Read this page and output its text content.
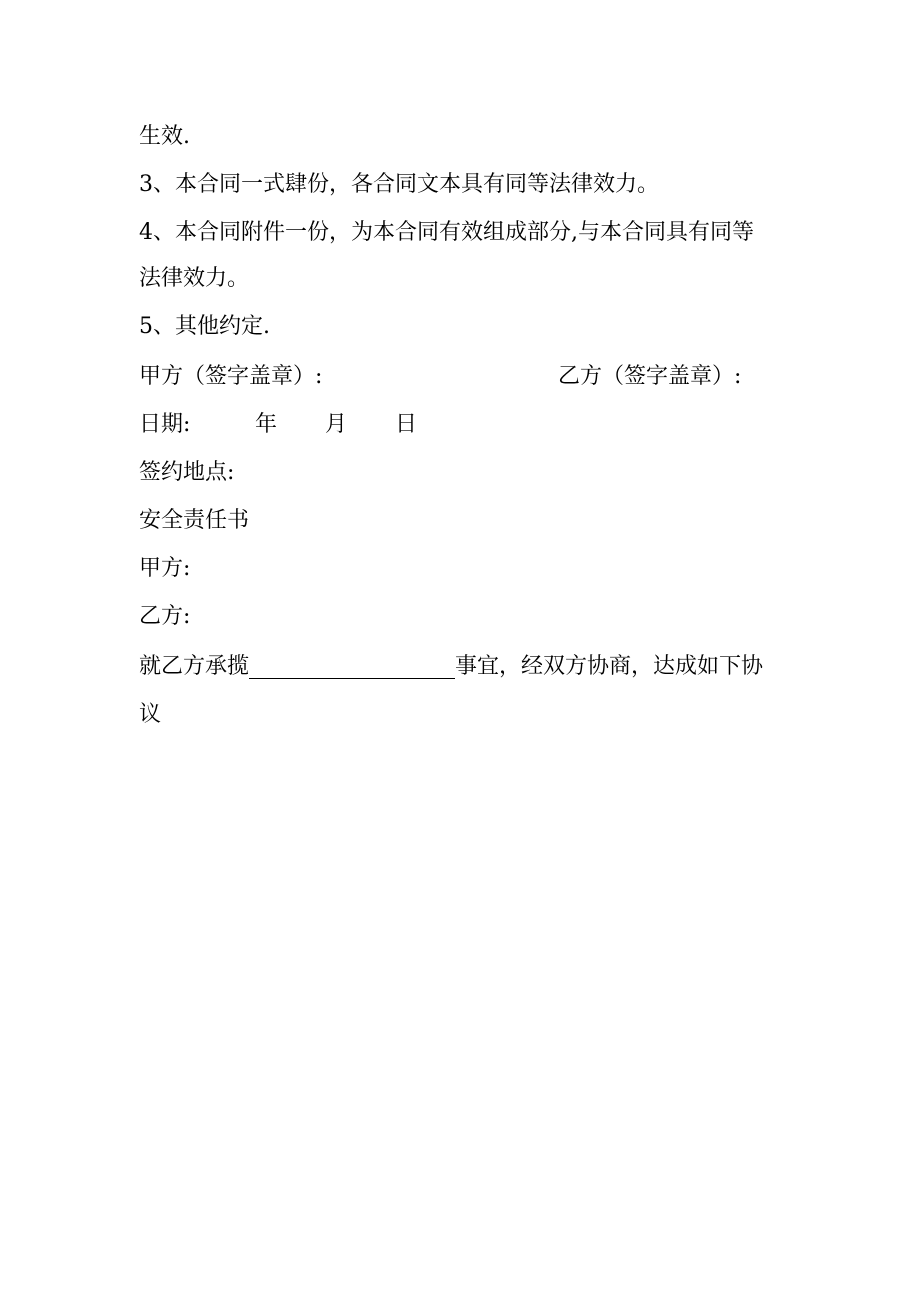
生效.
3、本合同一式肆份，各合同文本具有同等法律效力。
4、本合同附件一份，为本合同有效组成部分,与本合同具有同等
法律效力。
5、其他约定.
甲方（签字盖章）:	乙方（签字盖章）:
日期:	年 月 日
签约地点:
安全责任书
甲方:
乙方:
就乙方承揽	事宜，经双方协商，达成如下协
议
